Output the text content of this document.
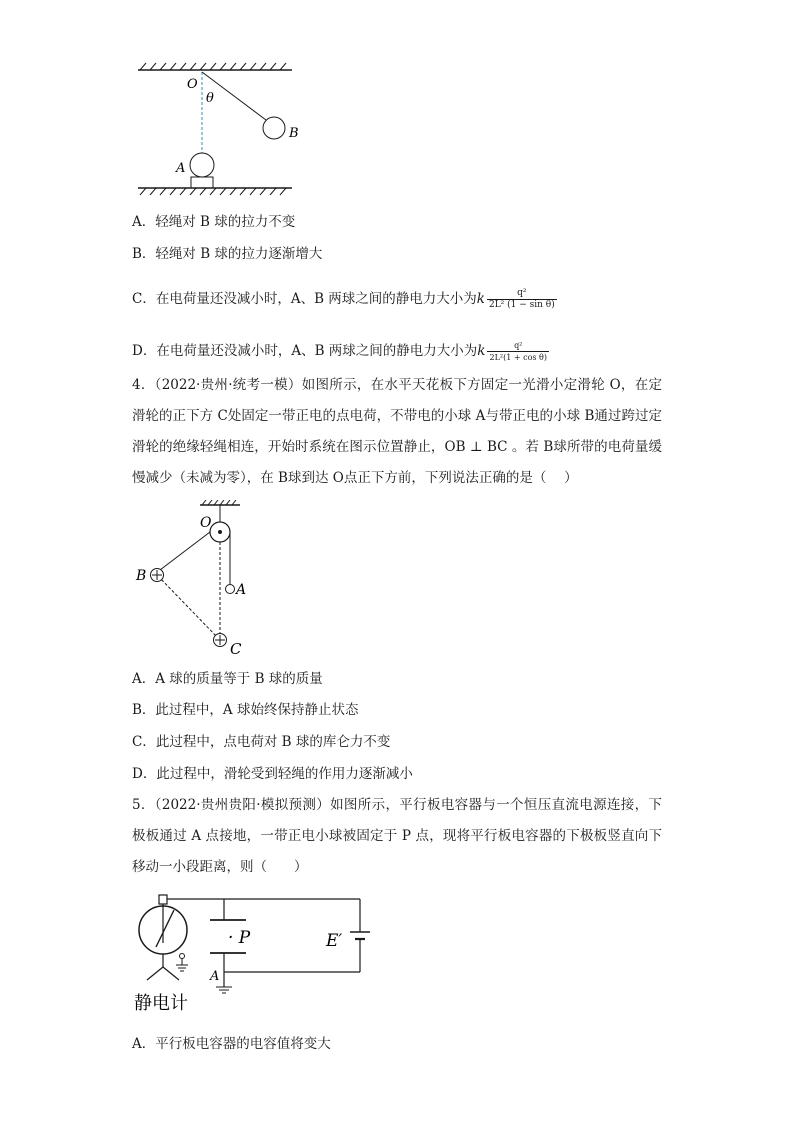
O
θ
B
A
A．轻绳对 B 球的拉力不变
B．轻绳对 B 球的拉力逐渐增大
C．在电荷量还没减小时，A、B 两球之间的静电力大小为k $\frac{\text{q²}}{\text{2L² (1 − sin θ)}}$
D．在电荷量还没减小时，A、B 两球之间的静电力大小为k $\frac{\text{q²}}{\text{2L²(1 + cos θ)}}$
4．（2022·贵州·统考一模）如图所示，在水平天花板下方固定一光滑小定滑轮 O，在定滑轮的正下方 C处固定一带正电的点电荷，不带电的小球 A与带正电的小球 B通过跨过定滑轮的绝缘轻绳相连，开始时系统在图示位置静止，OB ⊥ BC 。若 B球所带的电荷量缓慢减少（未减为零），在 B球到达 O点正下方前，下列说法正确的是（　 ）
O
B
A
C
A．A 球的质量等于 B 球的质量
B．此过程中，A 球始终保持静止状态
C．此过程中，点电荷对 B 球的库仑力不变
D．此过程中，滑轮受到轻绳的作用力逐渐减小
5．（2022·贵州贵阳·模拟预测）如图所示，平行板电容器与一个恒压直流电源连接，下极板通过 A 点接地，一带正电小球被固定于 P 点，现将平行板电容器的下极板竖直向下移动一小段距离，则（　　）
· P	E′
A
静电计
A．平行板电容器的电容值将变大
